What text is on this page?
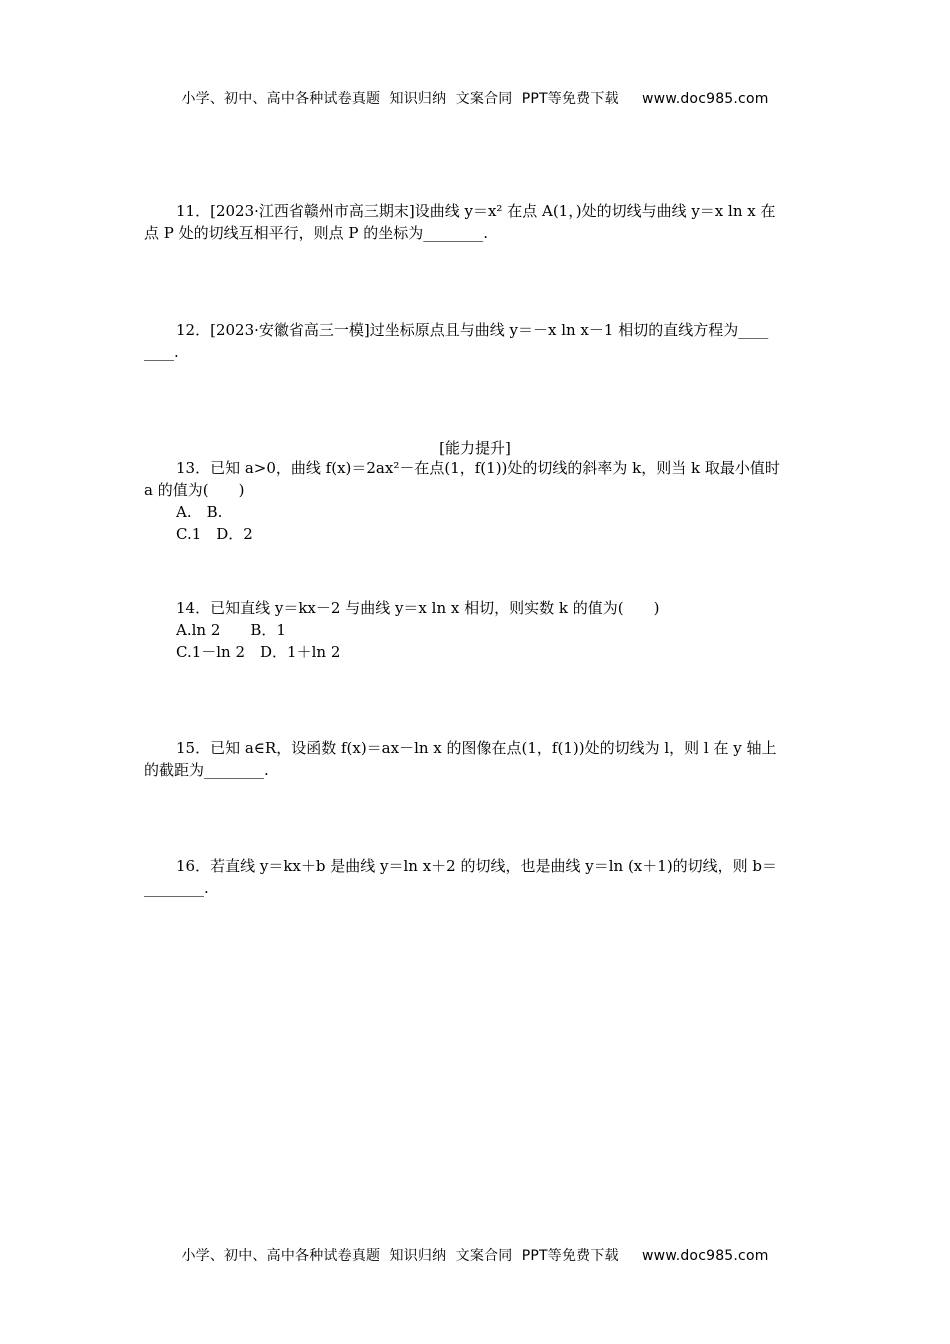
小学、初中、高中各种试卷真题  知识归纳  文案合同  PPT等免费下载     www.doc985.com

11．[2023·江西省赣州市高三期末]设曲线 y＝x² 在点 A(1，)处的切线与曲线 y＝x ln x 在

点 P 处的切线互相平行，则点 P 的坐标为________.

12．[2023·安徽省高三一模]过坐标原点且与曲线 y＝－x ln x－1 相切的直线方程为____

____.

[能力提升]

13．已知 a>0，曲线 f(x)＝2ax²－在点(1，f(1))处的切线的斜率为 k，则当 k 取最小值时

a 的值为(　　)

A.　B.

C.1　D．2

14．已知直线 y＝kx－2 与曲线 y＝x ln x 相切，则实数 k 的值为(　　)

A.ln 2　　B．1

C.1－ln 2　D．1＋ln 2

15．已知 a∈R，设函数 f(x)＝ax－ln x 的图像在点(1，f(1))处的切线为 l，则 l 在 y 轴上

的截距为________.

16．若直线 y＝kx＋b 是曲线 y＝ln x＋2 的切线，也是曲线 y＝ln (x＋1)的切线，则 b＝

________.

小学、初中、高中各种试卷真题  知识归纳  文案合同  PPT等免费下载     www.doc985.com
